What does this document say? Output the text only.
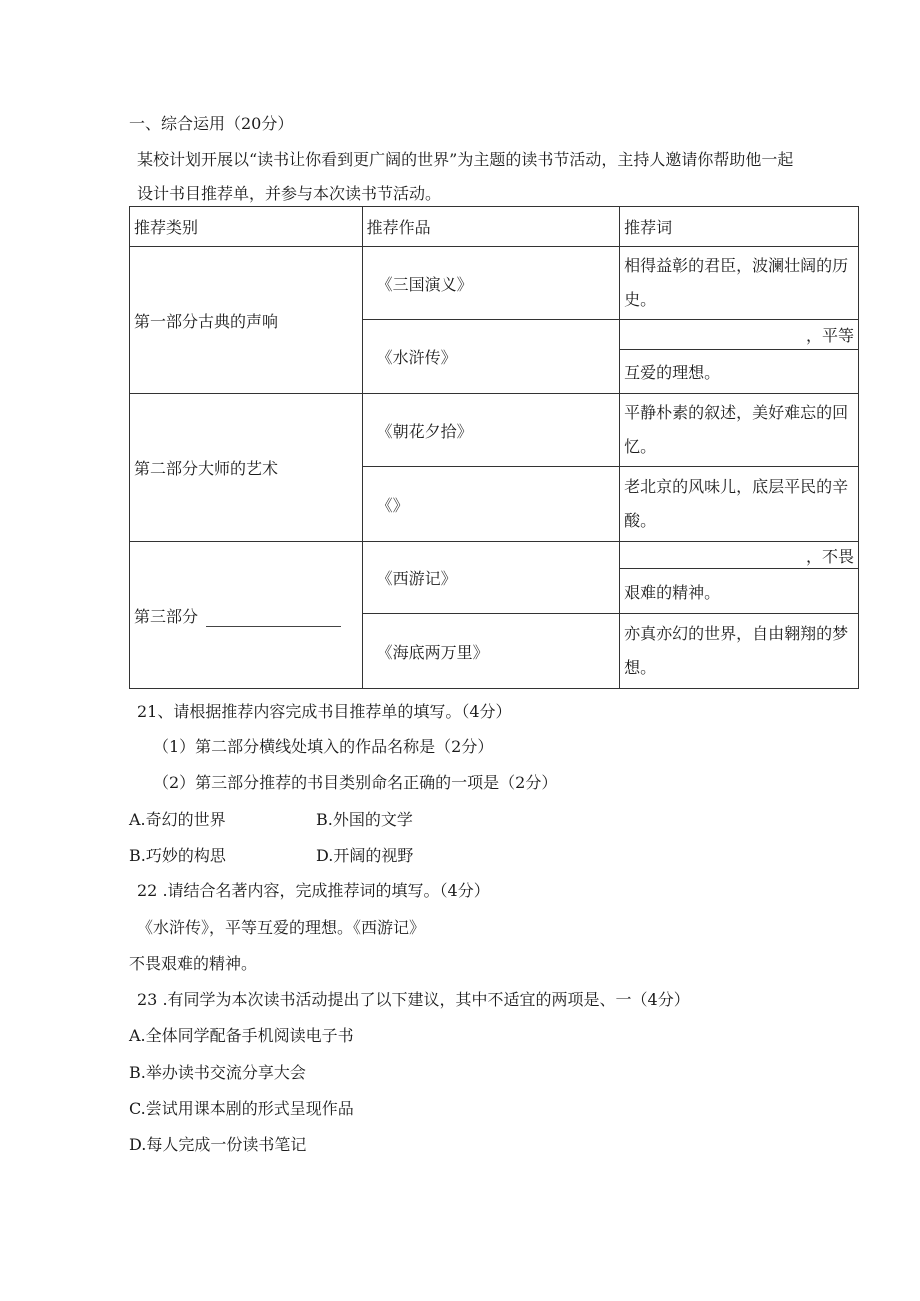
一、综合运用（20分）
某校计划开展以“读书让你看到更广阔的世界”为主题的读书节活动，主持人邀请你帮助他一起
设计书目推荐单，并参与本次读书节活动。
推荐类别	推荐作品	推荐词
第一部分古典的声响	《三国演义》	相得益彰的君臣，波澜壮阔的历史。
	《水浒传》	，平等
		互爱的理想。
第二部分大师的艺术	《朝花夕拾》	平静朴素的叙述，美好难忘的回忆。
	《》	老北京的风味儿，底层平民的辛酸。
第三部分	《西游记》	，不畏
		艰难的精神。
	《海底两万里》	亦真亦幻的世界，自由翱翔的梦想。
21、请根据推荐内容完成书目推荐单的填写。（4分）
（1）第二部分横线处填入的作品名称是（2分）
（2）第三部分推荐的书目类别命名正确的一项是（2分）
A.奇幻的世界	B.外国的文学
B.巧妙的构思	D.开阔的视野
22 .请结合名著内容，完成推荐词的填写。（4分）
《水浒传》，平等互爱的理想。《西游记》
不畏艰难的精神。
23 .有同学为本次读书活动提出了以下建议，其中不适宜的两项是、一（4分）
A.全体同学配备手机阅读电子书
B.举办读书交流分享大会
C.尝试用课本剧的形式呈现作品
D.每人完成一份读书笔记
